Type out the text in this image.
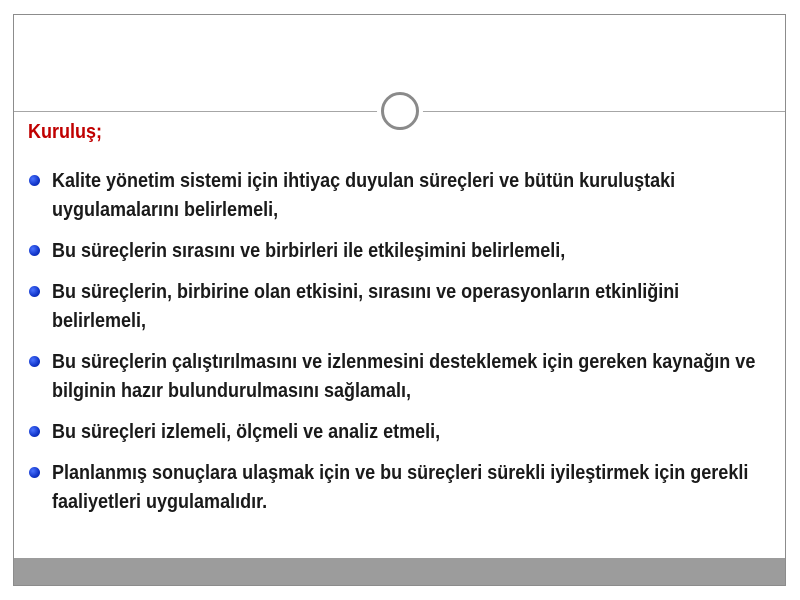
Kuruluş;

Kalite yönetim sistemi için ihtiyaç duyulan süreçleri ve bütün kuruluştaki uygulamalarını belirlemeli,
Bu süreçlerin sırasını ve birbirleri ile etkileşimini belirlemeli,
Bu süreçlerin, birbirine olan etkisini, sırasını ve operasyonların etkinliğini belirlemeli,
Bu süreçlerin çalıştırılmasını ve izlenmesini desteklemek için gereken kaynağın ve bilginin hazır bulundurulmasını sağlamalı,
Bu süreçleri izlemeli, ölçmeli ve analiz etmeli,
Planlanmış sonuçlara ulaşmak için ve bu süreçleri sürekli iyileştirmek için gerekli faaliyetleri uygulamalıdır.
